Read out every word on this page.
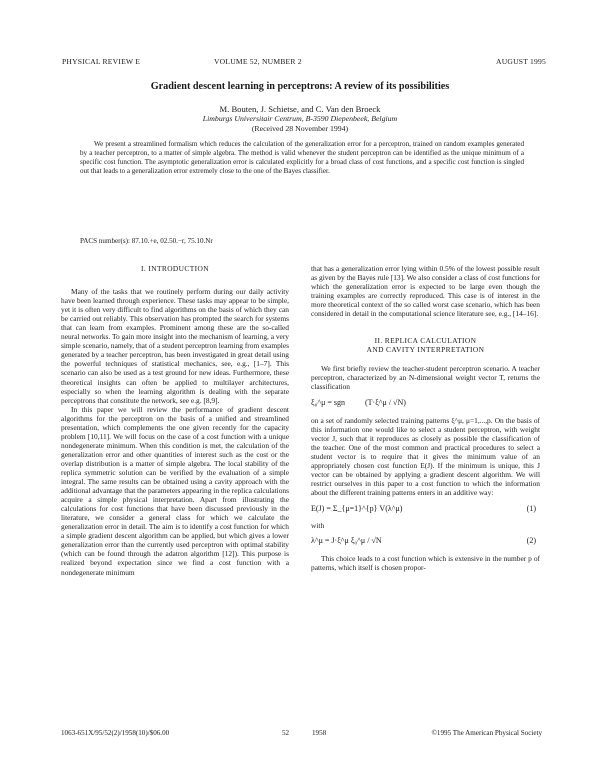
PHYSICAL REVIEW E	VOLUME 52, NUMBER 2	AUGUST 1995
Gradient descent learning in perceptrons: A review of its possibilities
M. Bouten, J. Schietse, and C. Van den Broeck
Limburgs Universitair Centrum, B-3590 Diepenbeek, Belgium
(Received 28 November 1994)

We present a streamlined formalism which reduces the calculation of the generalization error for a perceptron, trained on random examples generated by a teacher perceptron, to a matter of simple algebra. The method is valid whenever the student perceptron can be identified as the unique minimum of a specific cost function. The asymptotic generalization error is calculated explicitly for a broad class of cost functions, and a specific cost function is singled out that leads to a generalization error extremely close to the one of the Bayes classifier.

PACS number(s): 87.10.+e, 02.50.−r, 75.10.Nr

I. INTRODUCTION

Many of the tasks that we routinely perform during our daily activity have been learned through experience. These tasks may appear to be simple, yet it is often very difficult to find algorithms on the basis of which they can be carried out reliably. This observation has prompted the search for systems that can learn from examples. Prominent among these are the so-called neural networks. To gain more insight into the mechanism of learning, a very simple scenario, namely, that of a student perceptron learning from examples generated by a teacher perceptron, has been investigated in great detail using the powerful techniques of statistical mechanics, see, e.g., [1–7]. This scenario can also be used as a test ground for new ideas. Furthermore, these theoretical insights can often be applied to multilayer architectures, especially so when the learning algorithm is dealing with the separate perceptrons that constitute the network, see e.g. [8,9].

In this paper we will review the performance of gradient descent algorithms for the perceptron on the basis of a unified and streamlined presentation, which complements the one given recently for the capacity problem [10,11]. We will focus on the case of a cost function with a unique nondegenerate minimum. When this condition is met, the calculation of the generalization error and other quantities of interest such as the cost or the overlap distribution is a matter of simple algebra. The local stability of the replica symmetric solution can be verified by the evaluation of a simple integral. The same results can be obtained using a cavity approach with the additional advantage that the parameters appearing in the replica calculations acquire a simple physical interpretation. Apart from illustrating the calculations for cost functions that have been discussed previously in the literature, we consider a general class for which we calculate the generalization error in detail. The aim is to identify a cost function for which a simple gradient descent algorithm can be applied, but which gives a lower generalization error than the currently used perceptron with optimal stability (which can be found through the adatron algorithm [12]). This purpose is realized beyond expectation since we find a cost function with a nondegenerate minimum

that has a generalization error lying within 0.5% of the lowest possible result as given by the Bayes rule [13]. We also consider a class of cost functions for which the generalization error is expected to be large even though the training examples are correctly reproduced. This case is of interest in the more theoretical context of the so called worst case scenario, which has been considered in detail in the computational science literature see, e.g., [14–16].

II. REPLICA CALCULATION

AND CAVITY INTERPRETATION

We first briefly review the teacher-student perceptron scenario. A teacher perceptron, characterized by an N-dimensional weight vector T, returns the classification

ξ₀^μ = sgn (T·ξ^μ / √N)

on a set of randomly selected training patterns ξ^μ, μ=1,...,p. On the basis of this information one would like to select a student perceptron, with weight vector J, such that it reproduces as closely as possible the classification of the teacher. One of the most common and practical procedures to select a student vector is to require that it gives the minimum value of an appropriately chosen cost function E(J). If the minimum is unique, this J vector can be obtained by applying a gradient descent algorithm. We will restrict ourselves in this paper to a cost function to which the information about the different training patterns enters in an additive way:

E(J) = Σ_{μ=1}^{p} V(λ^μ)	(1)

with

λ^μ = J·ξ^μ ξ₀^μ / √N	(2)

This choice leads to a cost function which is extensive in the number p of patterns, which itself is chosen propor-

1063-651X/95/52(2)/1958(10)/$06.00	52	1958	©1995 The American Physical Society
